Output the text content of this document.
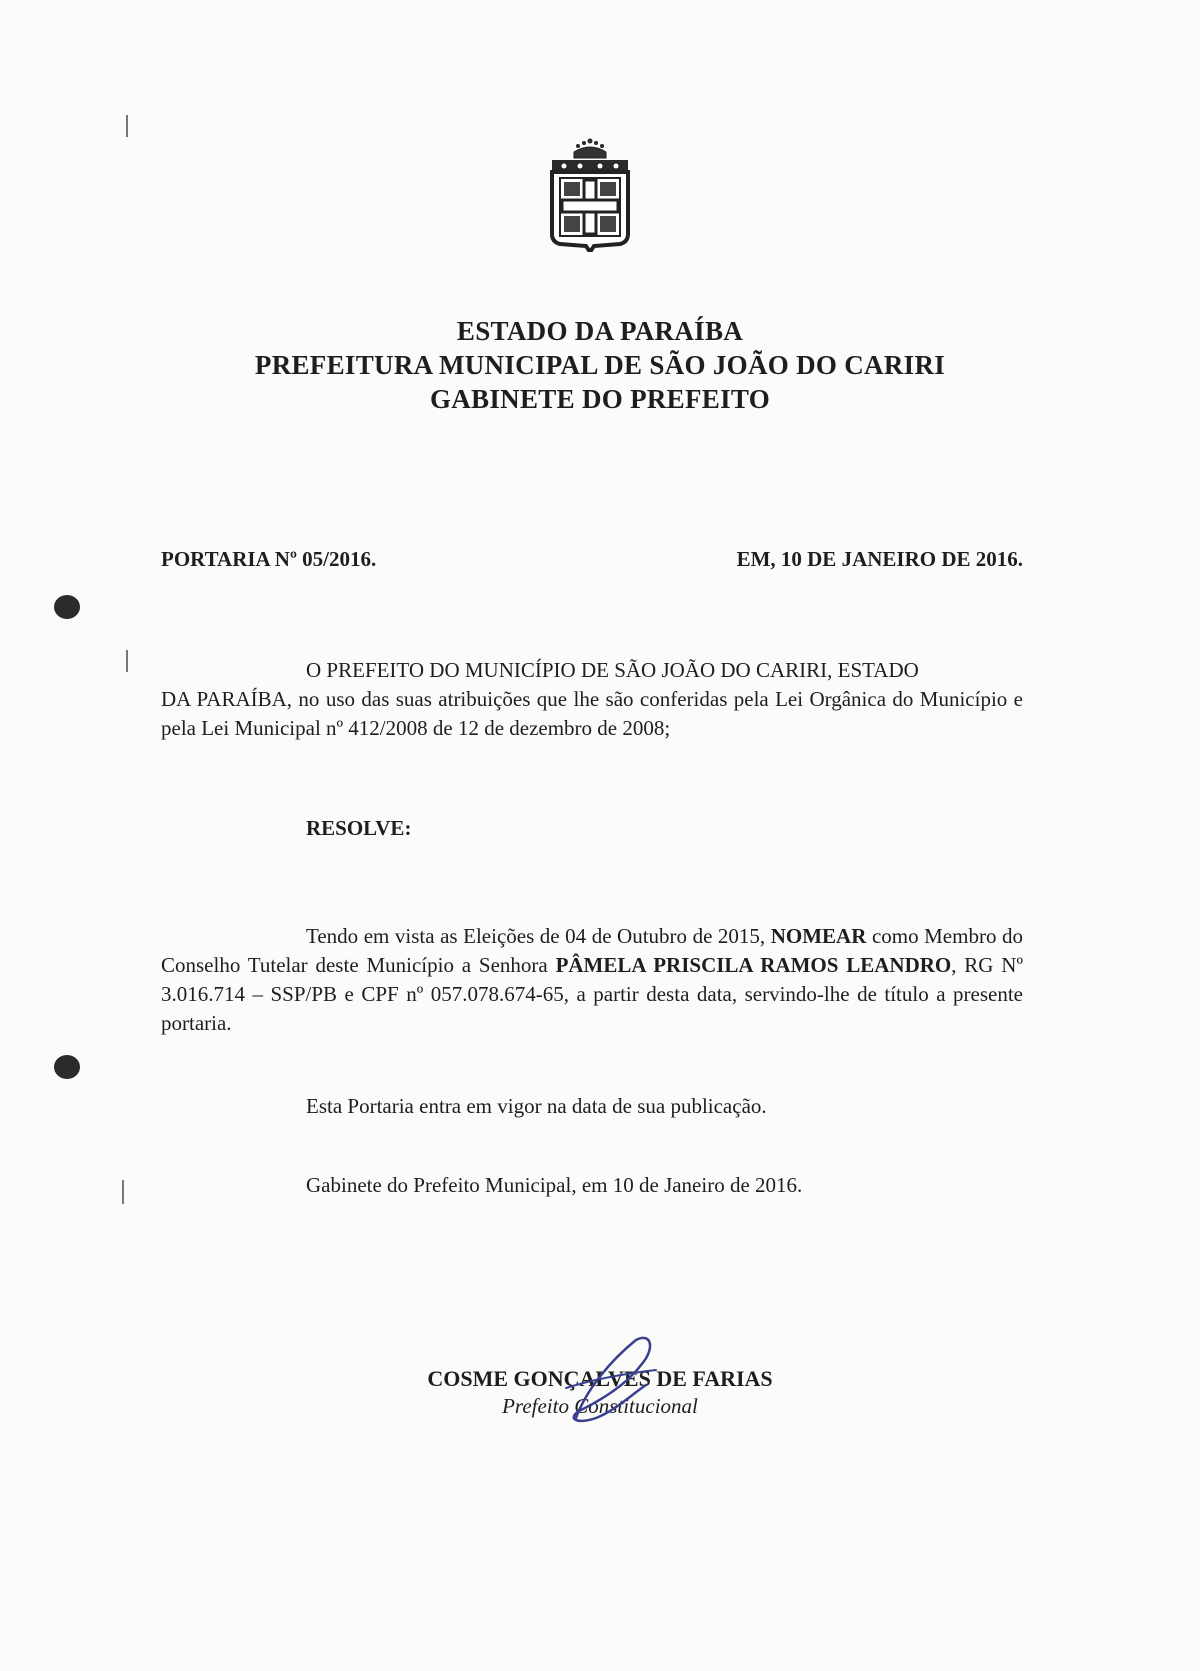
ESTADO DA PARAÍBA
PREFEITURA MUNICIPAL DE SÃO JOÃO DO CARIRI
GABINETE DO PREFEITO
PORTARIA Nº 05/2016.	EM, 10 DE JANEIRO DE 2016.
O PREFEITO DO MUNICÍPIO DE SÃO JOÃO DO CARIRI, ESTADO
DA PARAÍBA, no uso das suas atribuições que lhe são conferidas pela Lei Orgânica do Município e pela Lei Municipal nº 412/2008 de 12 de dezembro de 2008;
RESOLVE:
Tendo em vista as Eleições de 04 de Outubro de 2015, NOMEAR como Membro do Conselho Tutelar deste Município a Senhora PÂMELA PRISCILA RAMOS LEANDRO, RG Nº 3.016.714 – SSP/PB e CPF nº 057.078.674-65, a partir desta data, servindo-lhe de título a presente portaria.
Esta Portaria entra em vigor na data de sua publicação.
Gabinete do Prefeito Municipal, em 10 de Janeiro de 2016.
COSME GONÇALVES DE FARIAS
Prefeito Constitucional
